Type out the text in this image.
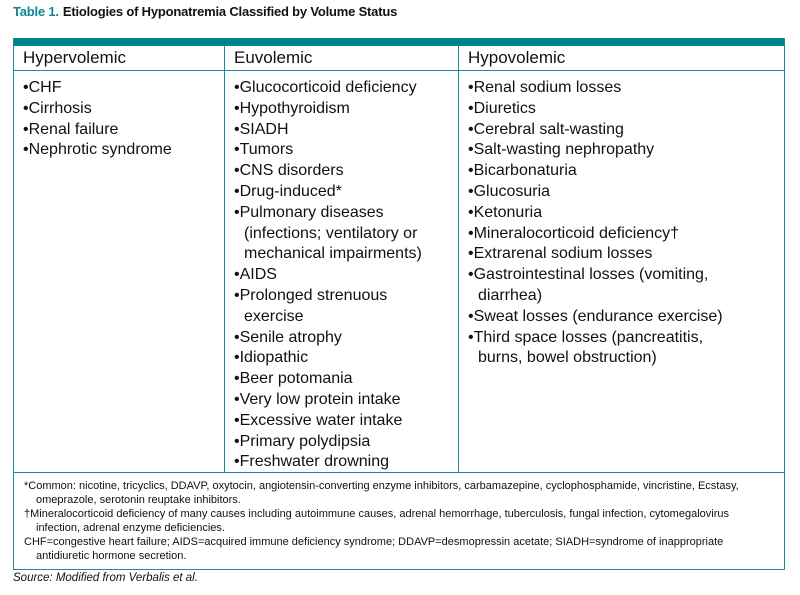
Table 1. Etiologies of Hyponatremia Classified by Volume Status
Hypervolemic	Euvolemic	Hypovolemic
•CHF
•Cirrhosis
•Renal failure
•Nephrotic syndrome
•Glucocorticoid deficiency
•Hypothyroidism
•SIADH
•Tumors
•CNS disorders
•Drug-induced*
•Pulmonary diseases
(infections; ventilatory or
mechanical impairments)
•AIDS
•Prolonged strenuous
exercise
•Senile atrophy
•Idiopathic
•Beer potomania
•Very low protein intake
•Excessive water intake
•Primary polydipsia
•Freshwater drowning
•Renal sodium losses
•Diuretics
•Cerebral salt-wasting
•Salt-wasting nephropathy
•Bicarbonaturia
•Glucosuria
•Ketonuria
•Mineralocorticoid deficiency†
•Extrarenal sodium losses
•Gastrointestinal losses (vomiting,
diarrhea)
•Sweat losses (endurance exercise)
•Third space losses (pancreatitis,
burns, bowel obstruction)
*Common: nicotine, tricyclics, DDAVP, oxytocin, angiotensin-converting enzyme inhibitors, carbamazepine, cyclophosphamide, vincristine, Ecstasy,
omeprazole, serotonin reuptake inhibitors.
†Mineralocorticoid deficiency of many causes including autoimmune causes, adrenal hemorrhage, tuberculosis, fungal infection, cytomegalovirus
infection, adrenal enzyme deficiencies.
CHF=congestive heart failure; AIDS=acquired immune deficiency syndrome; DDAVP=desmopressin acetate; SIADH=syndrome of inappropriate
antidiuretic hormone secretion.
Source: Modified from Verbalis et al.
